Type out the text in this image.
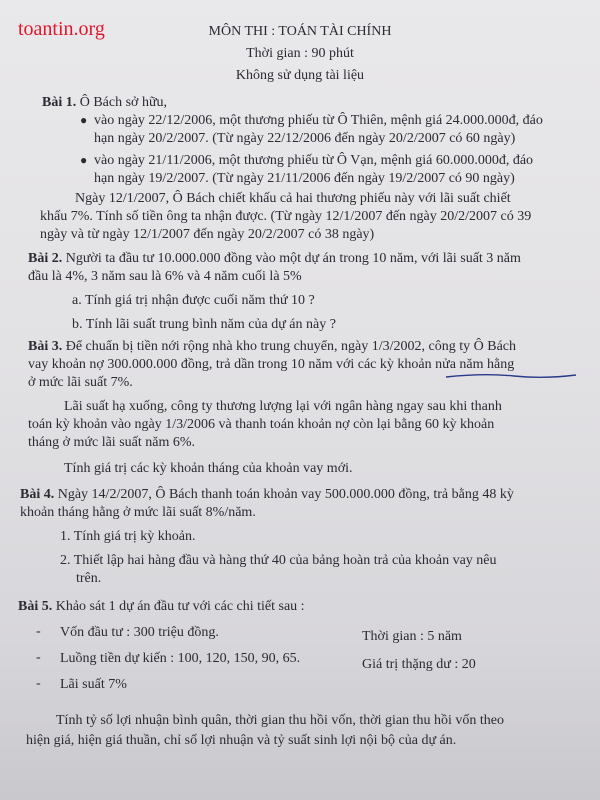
toantin.org	MÔN THI : TOÁN TÀI CHÍNH
Thời gian : 90 phút
Không sử dụng tài liệu
Bài 1. Ô Bách sở hữu,
● vào ngày 22/12/2006, một thương phiếu từ Ô Thiên, mệnh giá 24.000.000đ, đáo
hạn ngày 20/2/2007. (Từ ngày 22/12/2006 đến ngày 20/2/2007 có 60 ngày)
● vào ngày 21/11/2006, một thương phiếu từ Ô Vạn, mệnh giá 60.000.000đ, đáo
hạn ngày 19/2/2007. (Từ ngày 21/11/2006 đến ngày 19/2/2007 có 90 ngày)
Ngày 12/1/2007, Ô Bách chiết khấu cả hai thương phiếu này với lãi suất chiết
khấu 7%. Tính số tiền ông ta nhận được. (Từ ngày 12/1/2007 đến ngày 20/2/2007 có 39
ngày và từ ngày 12/1/2007 đến ngày 20/2/2007 có 38 ngày)
Bài 2. Người ta đầu tư 10.000.000 đồng vào một dự án trong 10 năm, với lãi suất 3 năm
đầu là 4%, 3 năm sau là 6% và 4 năm cuối là 5%
a. Tính giá trị nhận được cuối năm thứ 10 ?
b. Tính lãi suất trung bình năm của dự án này ?
Bài 3. Để chuẩn bị tiền nới rộng nhà kho trung chuyển, ngày 1/3/2002, công ty Ô Bách
vay khoản nợ 300.000.000 đồng, trả dần trong 10 năm với các kỳ khoản nửa năm hằng
ở mức lãi suất 7%.
Lãi suất hạ xuống, công ty thương lượng lại với ngân hàng ngay sau khi thanh
toán kỳ khoản vào ngày 1/3/2006 và thanh toán khoản nợ còn lại bằng 60 kỳ khoản
tháng ở mức lãi suất năm 6%.
Tính giá trị các kỳ khoản tháng của khoản vay mới.
Bài 4. Ngày 14/2/2007, Ô Bách thanh toán khoản vay 500.000.000 đồng, trả bằng 48 kỳ
khoản tháng hằng ở mức lãi suất 8%/năm.
1. Tính giá trị kỳ khoản.
2. Thiết lập hai hàng đầu và hàng thứ 40 của bảng hoàn trả của khoản vay nêu
trên.
Bài 5. Khảo sát 1 dự án đầu tư với các chi tiết sau :
- Vốn đầu tư : 300 triệu đồng.	Thời gian : 5 năm
- Luồng tiền dự kiến : 100, 120, 150, 90, 65.	Giá trị thặng dư : 20
- Lãi suất 7%
Tính tỷ số lợi nhuận bình quân, thời gian thu hồi vốn, thời gian thu hồi vốn theo
hiện giá, hiện giá thuần, chỉ số lợi nhuận và tỷ suất sinh lợi nội bộ của dự án.
